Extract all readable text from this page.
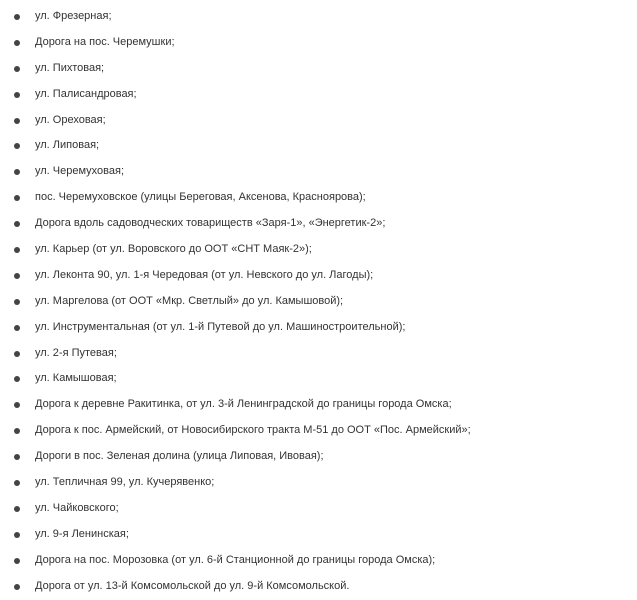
ул. Фрезерная;
Дорога на пос. Черемушки;
ул. Пихтовая;
ул. Палисандровая;
ул. Ореховая;
ул. Липовая;
ул. Черемуховая;
пос. Черемуховское (улицы Береговая, Аксенова, Красноярова);
Дорога вдоль садоводческих товариществ «Заря-1», «Энергетик-2»;
ул. Карьер (от ул. Воровского до ООТ «СНТ Маяк-2»);
ул. Леконта 90, ул. 1-я Чередовая (от ул. Невского до ул. Лагоды);
ул. Маргелова (от ООТ «Мкр. Светлый» до ул. Камышовой);
ул. Инструментальная (от ул. 1-й Путевой до ул. Машиностроительной);
ул. 2-я Путевая;
ул. Камышовая;
Дорога к деревне Ракитинка, от ул. 3-й Ленинградской до границы города Омска;
Дорога к пос. Армейский, от Новосибирского тракта М-51 до ООТ «Пос. Армейский»;
Дороги в пос. Зеленая долина (улица Липовая, Ивовая);
ул. Тепличная 99, ул. Кучерявенко;
ул. Чайковского;
ул. 9-я Ленинская;
Дорога на пос. Морозовка (от ул. 6-й Станционной до границы города Омска);
Дорога от ул. 13-й Комсомольской до ул. 9-й Комсомольской.
